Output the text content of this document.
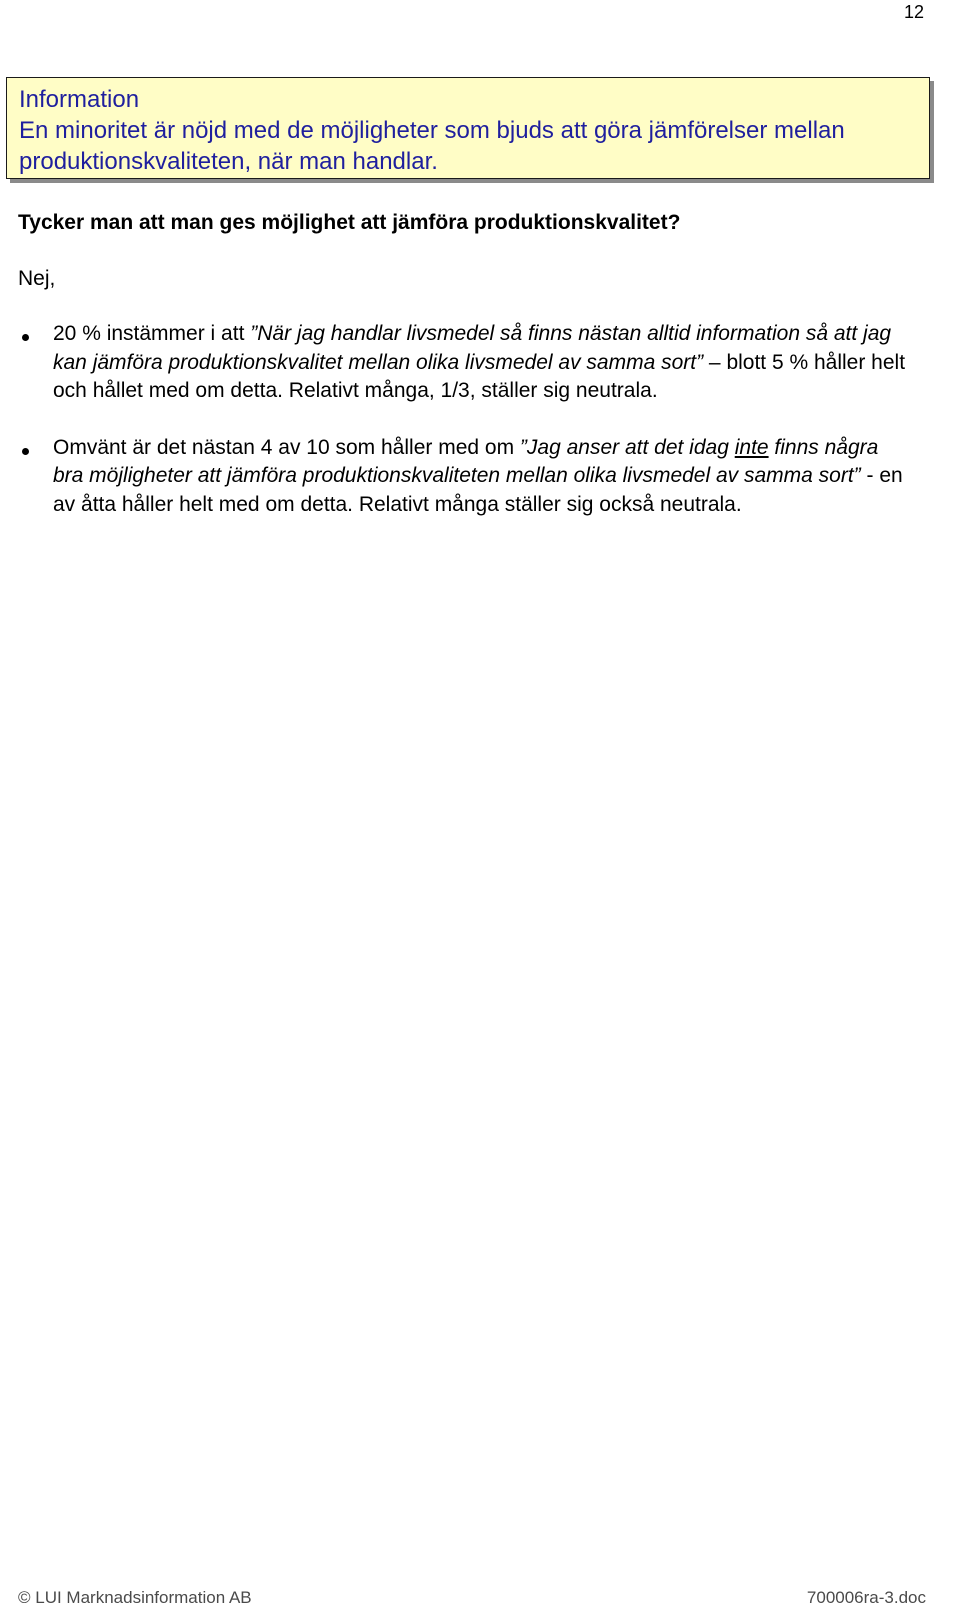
12
Information
En minoritet är nöjd med de möjligheter som bjuds att göra jämförelser mellan produktionskvaliteten, när man handlar.
Tycker man att man ges möjlighet att jämföra produktionskvalitet?
Nej,
20 % instämmer i att ”När jag handlar livsmedel så finns nästan alltid information så att jag kan jämföra produktionskvalitet mellan olika livsmedel av samma sort” – blott 5 % håller helt och hållet med om detta. Relativt många, 1/3, ställer sig neutrala.
Omvänt är det nästan 4 av 10 som håller med om ”Jag anser att det idag inte finns några bra möjligheter att jämföra produktionskvaliteten mellan olika livsmedel av samma sort” - en av åtta håller helt med om detta. Relativt många ställer sig också neutrala.
© LUI Marknadsinformation AB	700006ra-3.doc
